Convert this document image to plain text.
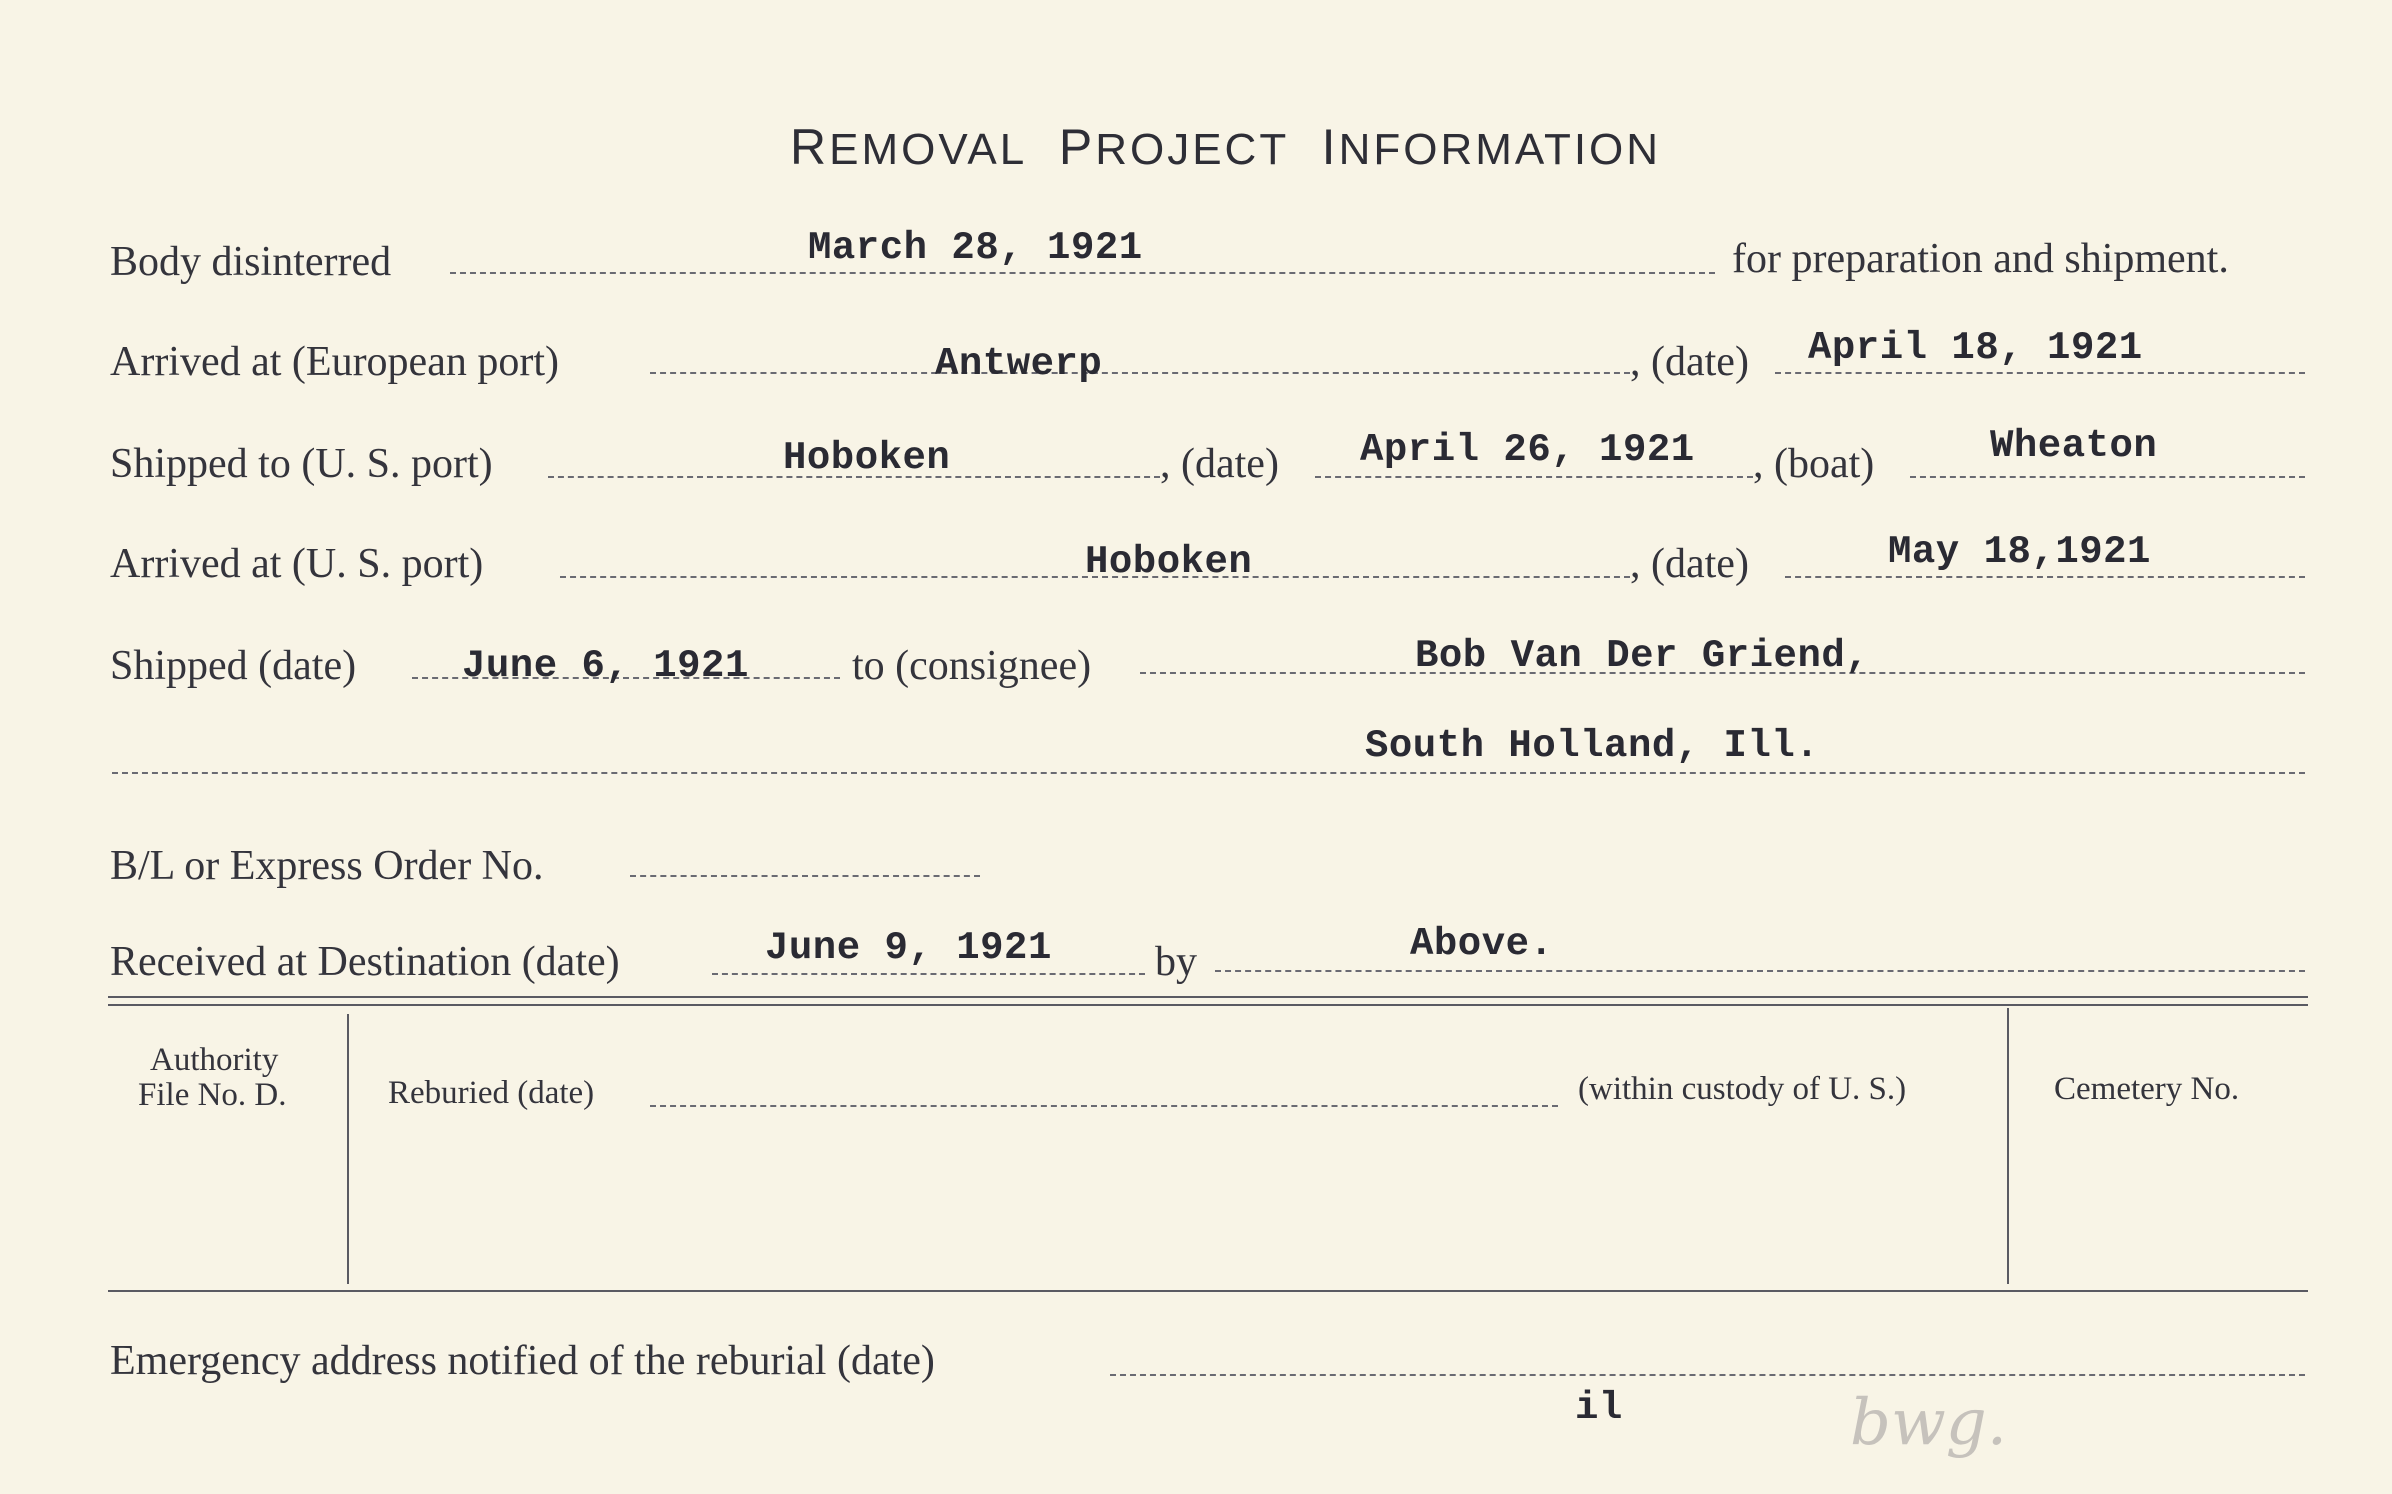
REMOVAL PROJECT INFORMATION
Body disinterred	March 28, 1921	for preparation and shipment.
Arrived at (European port)	Antwerp	, (date) April 18, 1921
Shipped to (U. S. port)	Hoboken	, (date) April 26, 1921 , (boat)	Wheaton
Arrived at (U. S. port)	Hoboken	, (date)	May 18,1921
Shipped (date)	June 6, 1921 to (consignee)	Bob Van Der Griend,
South Holland, Ill.
B/L or Express Order No.
Received at Destination (date)	June 9, 1921 by	Above.
Authority
File No. D.	Reburied (date)	(within custody of U. S.)	Cemetery No.
Emergency address notified of the reburial (date)
il	bwg.
